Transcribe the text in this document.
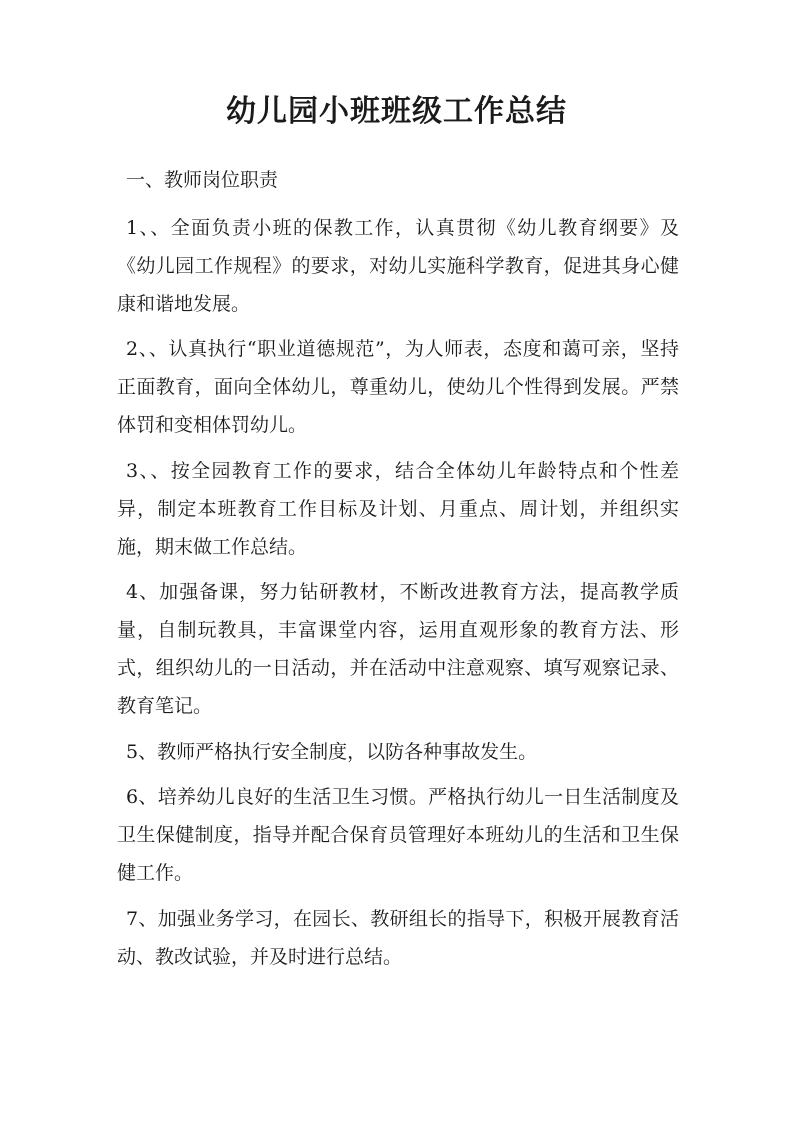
幼儿园小班班级工作总结
一、教师岗位职责

1、、全面负责小班的保教工作，认真贯彻《幼儿教育纲要》及《幼儿园工作规程》的要求，对幼儿实施科学教育，促进其身心健康和谐地发展。

2、、认真执行“职业道德规范”，为人师表，态度和蔼可亲，坚持正面教育，面向全体幼儿，尊重幼儿，使幼儿个性得到发展。严禁体罚和变相体罚幼儿。

3、、按全园教育工作的要求，结合全体幼儿年龄特点和个性差异，制定本班教育工作目标及计划、月重点、周计划，并组织实施，期末做工作总结。

4、加强备课，努力钻研教材，不断改进教育方法，提高教学质量，自制玩教具，丰富课堂内容，运用直观形象的教育方法、形式，组织幼儿的一日活动，并在活动中注意观察、填写观察记录、教育笔记。

5、教师严格执行安全制度，以防各种事故发生。

6、培养幼儿良好的生活卫生习惯。严格执行幼儿一日生活制度及卫生保健制度，指导并配合保育员管理好本班幼儿的生活和卫生保健工作。

7、加强业务学习，在园长、教研组长的指导下，积极开展教育活动、教改试验，并及时进行总结。
